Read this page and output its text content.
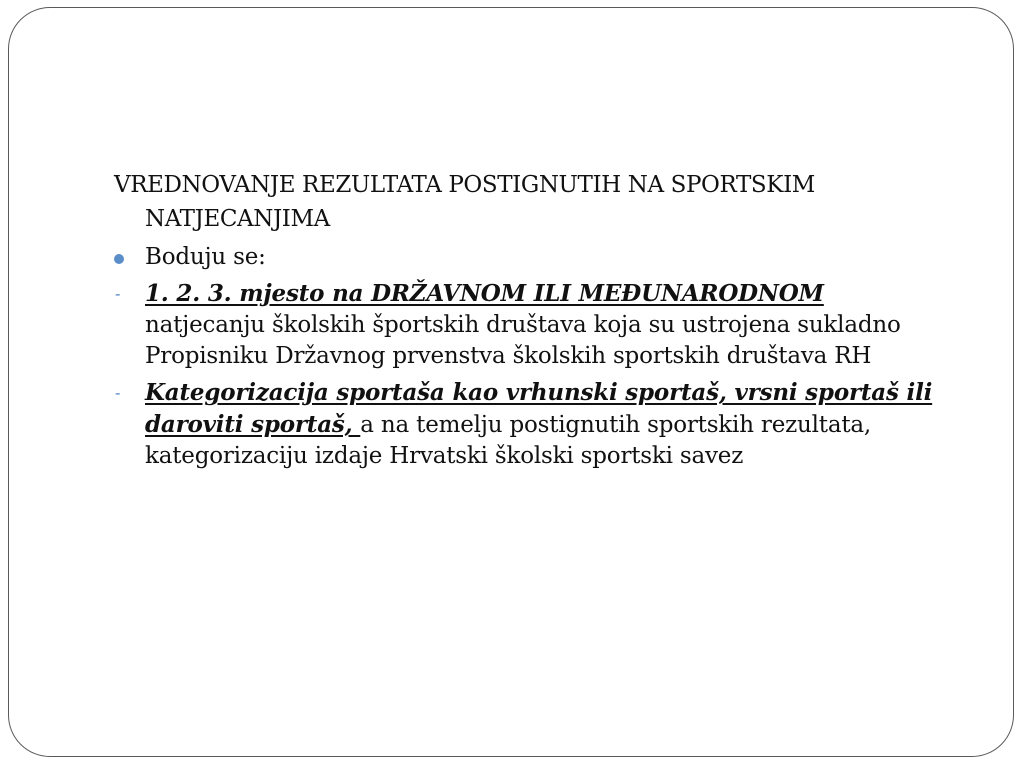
VREDNOVANJE REZULTATA POSTIGNUTIH NA SPORTSKIM NATJECANJIMA
Boduju se:
- 1. 2. 3. mjesto na DRŽAVNOM ILI MEĐUNARODNOM natjecanju školskih športskih društava koja su ustrojena sukladno Propisniku Državnog prvenstva školskih sportskih društava RH
- Kategorizacija sportaša kao vrhunski sportaš, vrsni sportaš ili daroviti sportaš, a na temelju postignutih sportskih rezultata, kategorizaciju izdaje Hrvatski školski sportski savez
